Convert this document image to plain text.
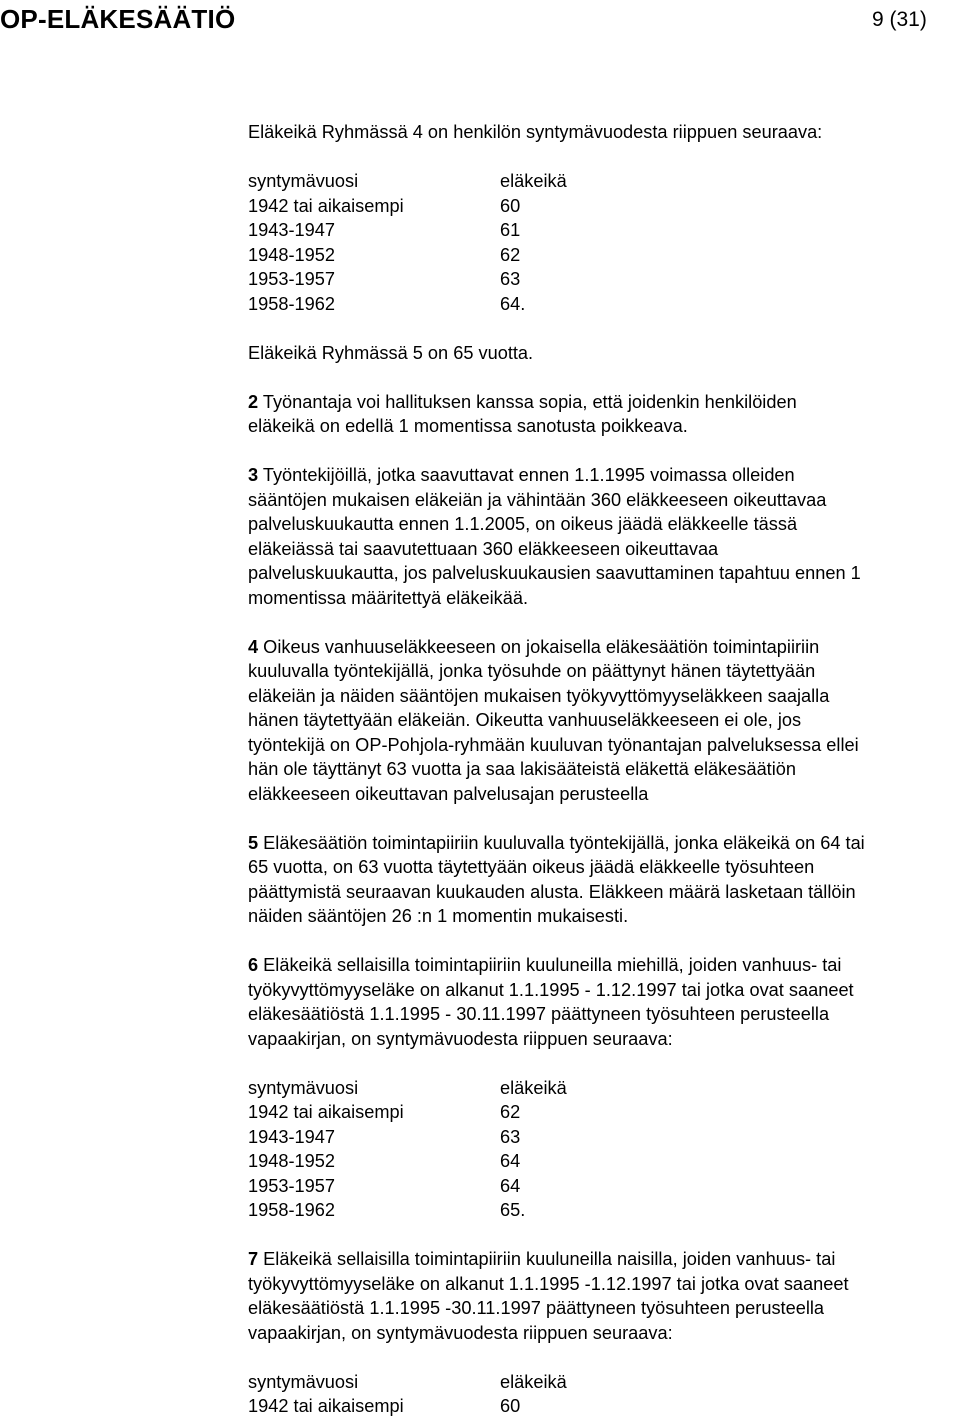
OP-ELÄKESÄÄTIÖ	9 (31)

Eläkeikä Ryhmässä 4 on henkilön syntymävuodesta riippuen seuraava:

syntymävuosi	eläkeikä
1942 tai aikaisempi	60
1943-1947	61
1948-1952	62
1953-1957	63
1958-1962	64.

Eläkeikä Ryhmässä 5 on 65 vuotta.

2 Työnantaja voi hallituksen kanssa sopia, että joidenkin henkilöiden
eläkeikä on edellä 1 momentissa sanotusta poikkeava.
3 Työntekijöillä, jotka saavuttavat ennen 1.1.1995 voimassa olleiden
sääntöjen mukaisen eläkeiän ja vähintään 360 eläkkeeseen oikeuttavaa
palveluskuukautta ennen 1.1.2005, on oikeus jäädä eläkkeelle tässä
eläkeiässä tai saavutettuaan 360 eläkkeeseen oikeuttavaa
palveluskuukautta, jos palveluskuukausien saavuttaminen tapahtuu ennen 1
momentissa määritettyä eläkeikää.
4 Oikeus vanhuuseläkkeeseen on jokaisella eläkesäätiön toimintapiiriin
kuuluvalla työntekijällä, jonka työsuhde on päättynyt hänen täytettyään
eläkeiän ja näiden sääntöjen mukaisen työkyvyttömyyseläkkeen saajalla
hänen täytettyään eläkeiän. Oikeutta vanhuuseläkkeeseen ei ole, jos
työntekijä on OP-Pohjola-ryhmään kuuluvan työnantajan palveluksessa ellei
hän ole täyttänyt 63 vuotta ja saa lakisääteistä eläkettä eläkesäätiön
eläkkeeseen oikeuttavan palvelusajan perusteella
5 Eläkesäätiön toimintapiiriin kuuluvalla työntekijällä, jonka eläkeikä on 64 tai
65 vuotta, on 63 vuotta täytettyään oikeus jäädä eläkkeelle työsuhteen
päättymistä seuraavan kuukauden alusta. Eläkkeen määrä lasketaan tällöin
näiden sääntöjen 26 :n 1 momentin mukaisesti.
6 Eläkeikä sellaisilla toimintapiiriin kuuluneilla miehillä, joiden vanhuus- tai
työkyvyttömyyseläke on alkanut 1.1.1995 - 1.12.1997 tai jotka ovat saaneet
eläkesäätiöstä 1.1.1995 - 30.11.1997 päättyneen työsuhteen perusteella
vapaakirjan, on syntymävuodesta riippuen seuraava:
syntymävuosi	eläkeikä
1942 tai aikaisempi	62
1943-1947	63
1948-1952	64
1953-1957	64
1958-1962	65.
7 Eläkeikä sellaisilla toimintapiiriin kuuluneilla naisilla, joiden vanhuus- tai
työkyvyttömyyseläke on alkanut 1.1.1995 -1.12.1997 tai jotka ovat saaneet
eläkesäätiöstä 1.1.1995 -30.11.1997 päättyneen työsuhteen perusteella
vapaakirjan, on syntymävuodesta riippuen seuraava:
syntymävuosi	eläkeikä
1942 tai aikaisempi	60
